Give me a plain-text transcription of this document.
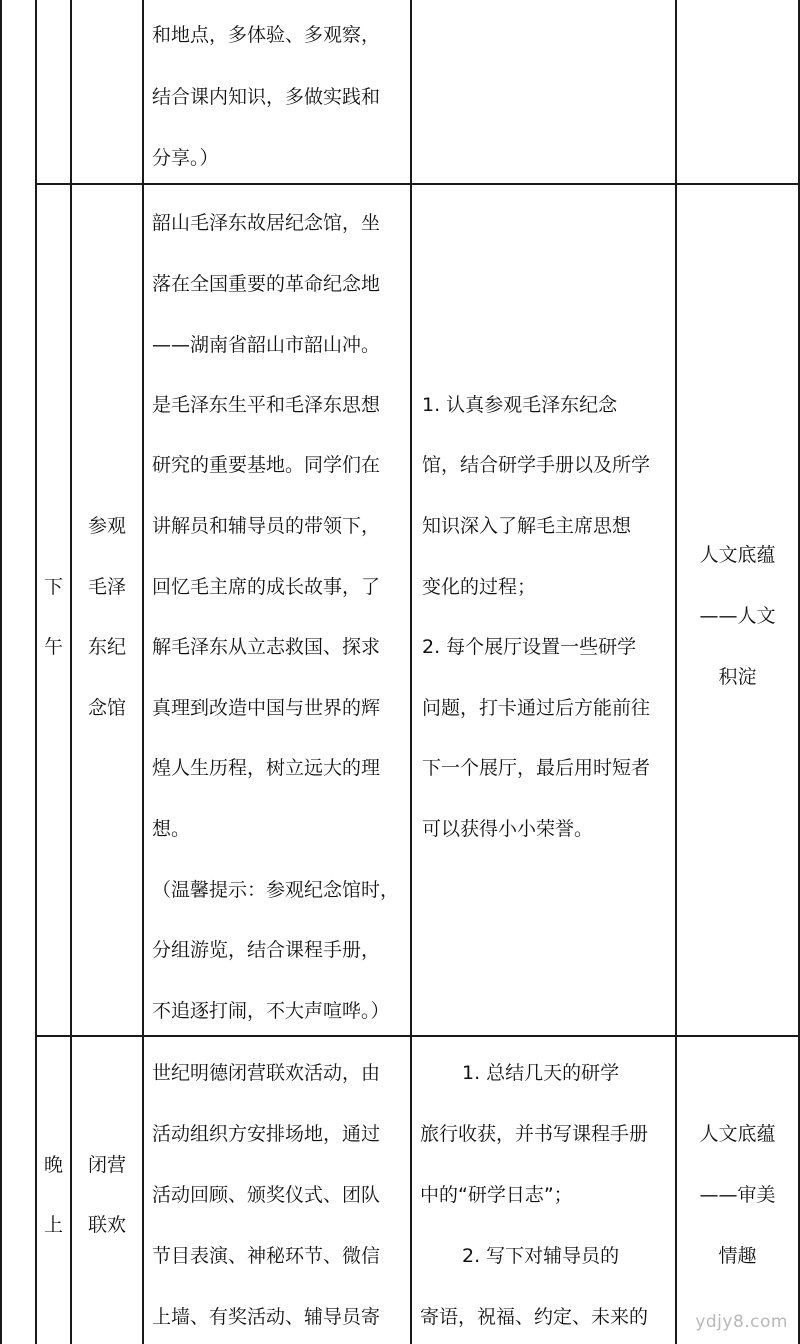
和地点，多体验、多观察，
结合课内知识，多做实践和
分享。）
下
午
参观
毛泽
东纪
念馆
韶山毛泽东故居纪念馆，坐
落在全国重要的革命纪念地
——湖南省韶山市韶山冲。
是毛泽东生平和毛泽东思想
研究的重要基地。同学们在
讲解员和辅导员的带领下，
回忆毛主席的成长故事，了
解毛泽东从立志救国、探求
真理到改造中国与世界的辉
煌人生历程，树立远大的理
想。
（温馨提示：参观纪念馆时，
分组游览，结合课程手册，
不追逐打闹，不大声喧哗。）
1. 认真参观毛泽东纪念
馆，结合研学手册以及所学
知识深入了解毛主席思想
变化的过程；
2. 每个展厅设置一些研学
问题，打卡通过后方能前往
下一个展厅，最后用时短者
可以获得小小荣誉。
人文底蕴
——人文
积淀
晚
上
闭营
联欢
世纪明德闭营联欢活动，由
活动组织方安排场地，通过
活动回顾、颁奖仪式、团队
节目表演、神秘环节、微信
上墙、有奖活动、辅导员寄
1. 总结几天的研学
旅行收获，并书写课程手册
中的“研学日志”；
2. 写下对辅导员的
寄语，祝福、约定、未来的
人文底蕴
——审美
情趣
ydjy8.com
